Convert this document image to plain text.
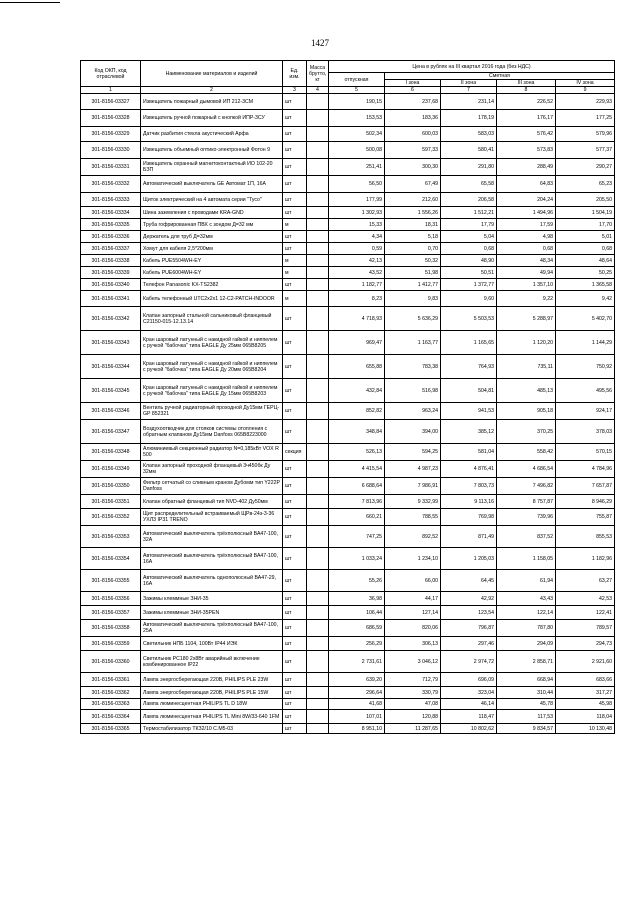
1427
Код ОКП, код отраслевой	Наименование материалов и изделий	Ед. изм.	Масса брутто, кг	Цена в рублях на III квартал 2016 года (без НДС)				
				отпускная	Сметная			
					I зона	II зона	III зона	IV зона
1	2	3	4	5	6	7	8	9
301-8156-03327	Извещатель пожарный дымовой ИП 212-3СМ	шт		190,15	237,68	231,14	226,52	229,93
301-8156-03328	Извещатель ручной пожарный с кнопкой ИПР-3СУ	шт		153,53	183,36	178,19	176,17	177,25
301-8156-03329	Датчик разбития стекла акустический Арфа	шт		502,34	600,03	583,03	576,42	579,96
301-8156-03330	Извещатель объемный оптико-электронный Фотон 9	шт		500,08	597,33	580,41	573,83	577,37
301-8156-03331	Извещатель охранный магнитоконтактный ИО 102-20 БЗП	шт		251,41	300,30	291,80	288,49	290,27
301-8156-03332	Автоматический выключатель GE Автомат 1П, 16А	шт		56,50	67,49	65,58	64,83	65,23
301-8156-03333	Щиток электрический на 4 автомата серии "Тусо"	шт		177,99	212,60	206,58	204,24	205,50
301-8156-03334	Шина заземления с проводами KRA-GND	шт		1 302,93	1 556,26	1 512,21	1 494,96	1 504,19
301-8156-03335	Труба гофрированная ПВХ с зондом Д=32 мм	м		15,33	18,31	17,79	17,59	17,70
301-8156-03336	Держатель для труб Д=32мм	шт		4,34	5,18	5,04	4,98	5,01
301-8156-03337	Хомут для кабеля 2,5*200мм	шт		0,59	0,70	0,68	0,68	0,68
301-8156-03338	Кабель PUE5504WH-EY	м		42,13	50,32	48,90	48,34	48,64
301-8156-03339	Кабель PUE6004WH-EY	м		43,52	51,98	50,51	49,94	50,25
301-8156-03340	Телефон Panasonic KX-TS2382	шт		1 182,77	1 412,77	1 372,77	1 357,10	1 365,58
301-8156-03341	Кабель телефонный UTC2x2x1 12-C2-PATCH-INDOOR	м		8,23	9,83	9,60	9,22	9,42
301-8156-03342	Клапан запорный стальной сальниковый фланцевый С21150-015-12.13.14	шт		4 718,93	5 636,29	5 503,53	5 288,97	5 402,70
301-8156-03343	Кран шаровый латунный с накидной гайкой и ниппелем с ручкой "бабочка" типа EAGLE Ду 25мм 065B8205	шт		969,47	1 163,77	1 165,65	1 120,20	1 144,29
301-8156-03344	Кран шаровый латунный с накидной гайкой и ниппелем с ручкой "бабочка" типа EAGLE Ду 20мм 065B8204	шт		655,88	783,38	764,93	735,11	750,92
301-8156-03345	Кран шаровый латунный с накидной гайкой и ниппелем с ручкой "бабочка" типа EAGLE Ду 15мм 065B8203	шт		432,84	516,98	504,81	485,13	495,56
301-8156-03346	Вентиль ручной радиаторный проходной Ду15мм ГЕРЦ-GP 852321	шт		852,82	963,24	941,53	905,18	924,17
301-8156-03347	Воздухоотводчик для стояков системы отопления с обратным клапаном Ду15мм Danfoss 065B8223000	шт		348,84	394,00	385,12	370,25	378,03
301-8156-03348	Алюминиевый секционный радиатор N=0,185кВт VOX R 500	секция		526,13	594,25	581,04	558,42	570,15
301-8156-03349	Клапан запорный проходной фланцевый 3ч450бк Ду 32мм	шт		4 415,54	4 987,23	4 876,41	4 686,54	4 784,96
301-8156-03350	Фильтр сетчатый со сливным краном Дубомм тип Y222P Danfoss	шт		6 688,64	7 986,91	7 803,73	7 496,82	7 657,87
301-8156-03351	Клапан обратный фланцевый тип NVD-402 Ду50мм	шт		7 813,96	9 332,99	9 113,16	8 757,87	8 946,29
301-8156-03352	Щит распределительный встраиваемый ЩРв-24з-3-36 УХЛ3 IP31 TRENO	шт		660,21	788,55	769,98	739,96	755,87
301-8156-03353	Автоматический выключатель трёхполюсный ВА47-100, 32А	шт		747,25	892,52	871,49	837,52	855,53
301-8156-03354	Автоматический выключатель трёхполюсный ВА47-100, 16А	шт		1 033,24	1 234,10	1 205,03	1 158,05	1 182,96
301-8156-03355	Автоматический выключатель однополюсный ВА47-29, 16А	шт		55,26	66,00	64,45	61,94	63,27
301-8156-03356	Зажимы клеммные ЗНИ-35	шт		36,98	44,17	42,92	43,43	42,53
301-8156-03357	Зажимы клеммные ЗНИ-35PEN	шт		106,44	127,14	123,54	122,14	122,41
301-8156-03358	Автоматический выключатель трёхполюсный ВА47-100, 25А	шт		686,59	820,06	796,87	787,80	789,57
301-8156-03359	Светильник НПБ 1104, 100Вт IP44 ИЭК	шт		256,29	306,13	297,46	294,09	294,73
301-8156-03360	Светильник PC180 2х8Вт аварийный включение комбинированное IP22	шт		2 731,61	3 046,12	2 974,72	2 858,71	2 921,60
301-8156-03361	Лампа энергосберегающая 220В, PHILIPS PLE 23W	шт		639,20	712,79	696,09	668,94	683,66
301-8156-03362	Лампа энергосберегающая 220В, PHILIPS PLE 15W	шт		296,64	330,79	323,04	310,44	317,27
301-8156-03363	Лампа люминесцентная PHILIPS TL D 18W	шт		41,68	47,08	46,14	45,78	45,98
301-8156-03364	Лампа люминесцентная PHILIPS TL Mini 8W/33-640 1FM	шт		107,01	120,88	118,47	117,53	118,04
301-8156-03365	Термостабилизатор ТКЗ2/10 С.М5-03	шт		8 951,10	11 287,65	10 802,62	9 834,57	10 130,48
